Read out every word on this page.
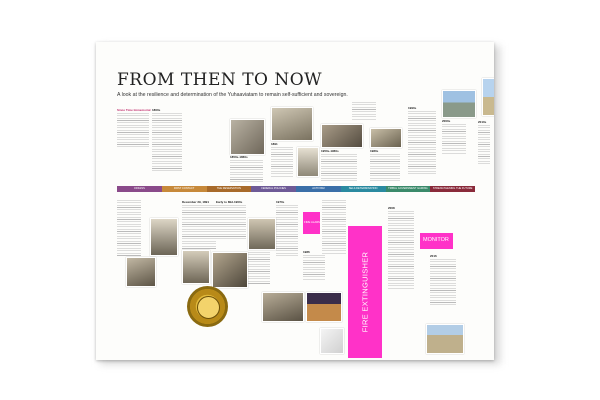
FROM THEN TO NOW
A look at the resilience and determination of the Yuhaaviatam to remain self-sufficient and sovereign.
Since Time Immemorial 1800s
1850s-1860s
1891
1950s-1960s	1980s
1990s
2000s	2010s
ORIGINS	FIRST CONTACT	THE RESERVATION	FEDERAL POLICIES	ACTIVISM	SELF-DETERMINATION	TRIBAL GOVERNMENT GAMING	STRENGTHENING THE FUTURE
December 29, 1891 Early to Mid-1900s	1970s
FIRE ALARM
1986	FIRE EXTINGUISHER
2008
MONITOR
2016
